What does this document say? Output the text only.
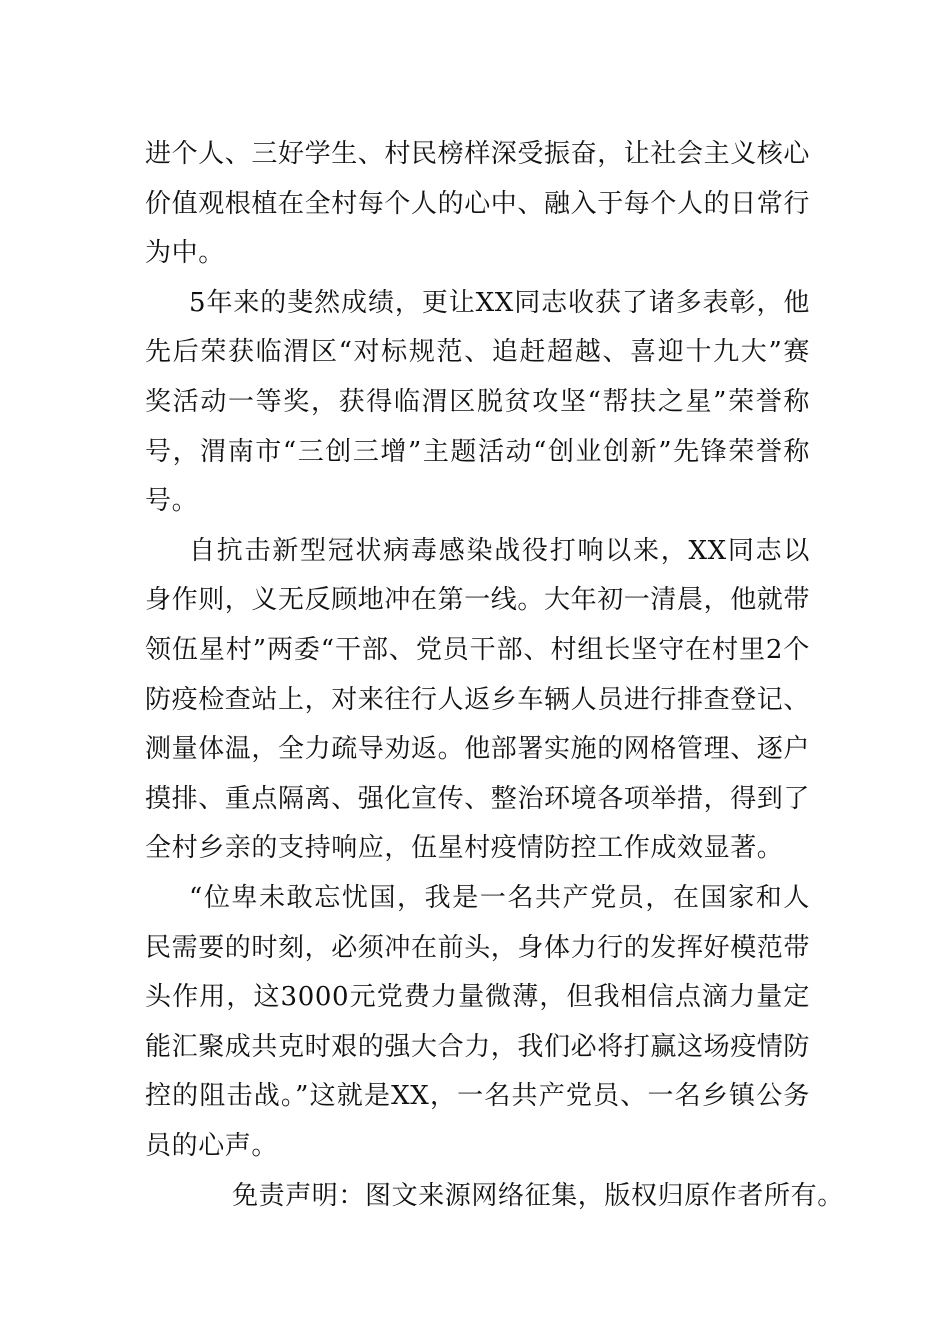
进个人、三好学生、村民榜样深受振奋，让社会主义核心价值观根植在全村每个人的心中、融入于每个人的日常行为中。

5年来的斐然成绩，更让XX同志收获了诸多表彰，他先后荣获临渭区“对标规范、追赶超越、喜迎十九大”赛奖活动一等奖，获得临渭区脱贫攻坚“帮扶之星”荣誉称号，渭南市“三创三增”主题活动“创业创新”先锋荣誉称号。

自抗击新型冠状病毒感染战役打响以来，XX同志以身作则，义无反顾地冲在第一线。大年初一清晨，他就带领伍星村”两委“干部、党员干部、村组长坚守在村里2个防疫检查站上，对来往行人返乡车辆人员进行排查登记、测量体温，全力疏导劝返。他部署实施的网格管理、逐户摸排、重点隔离、强化宣传、整治环境各项举措，得到了全村乡亲的支持响应，伍星村疫情防控工作成效显著。

“位卑未敢忘忧国，我是一名共产党员，在国家和人民需要的时刻，必须冲在前头，身体力行的发挥好模范带头作用，这3000元党费力量微薄，但我相信点滴力量定能汇聚成共克时艰的强大合力，我们必将打赢这场疫情防控的阻击战。”这就是XX，一名共产党员、一名乡镇公务员的心声。

免责声明：图文来源网络征集，版权归原作者所有。
